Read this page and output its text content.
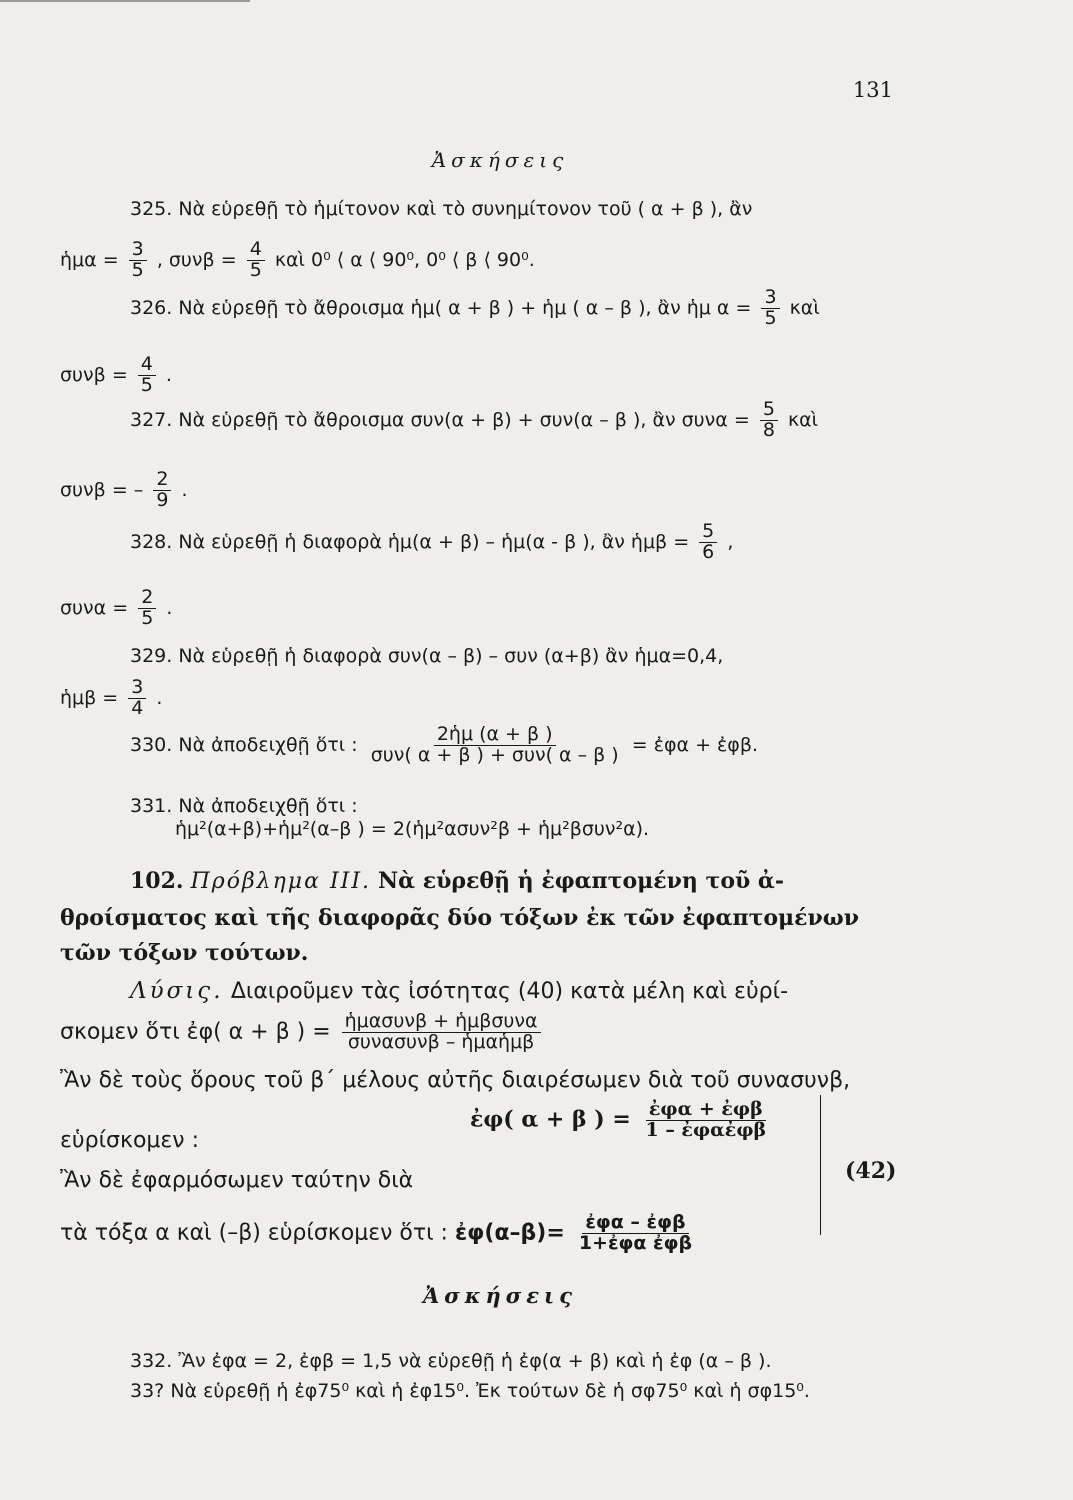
131

Ἀσκήσεις
325. Νὰ εὑρεθῇ τὸ ἡμίτονον καὶ τὸ συνημίτονον τοῦ ( α + β ), ἂν
ἡμα = $\frac{3}{5}$ , $\sigma\upsilon\nu\beta = \frac{4}{5}$ καὶ 0⁰ ⟨ α ⟨ 90⁰, 0⁰ ⟨ β ⟨ 90⁰.
326. Νὰ εὑρεθῇ τὸ ἄθροισμα ἡμ( α + β ) + ἡμ ( α – β ), ἂν ἡμ $\alpha = \frac{3}{5}$ καὶ
$\sigma\upsilon\nu\beta = \frac{4}{5}$ .
327. Νὰ εὑρεθῇ τὸ ἄθροισμα συν(α + β) + συν(α – β ), ἂν $\sigma\upsilon\nu\alpha = \frac{5}{8}$ καὶ
συνβ = – $\frac{2}{9}$ .
328. Νὰ εὑρεθῇ ἡ διαφορὰ ἡμ(α + β) – ἡμ(α - β ), ἂν ἡμβ = $\frac{5}{6}$ ,
$\sigma\upsilon\nu\alpha = \frac{2}{5}$ .
329. Νὰ εὑρεθῇ ἡ διαφορὰ συν(α – β) – συν (α+β) ἂν ἡμα=0,4,
ἡμβ = $\frac{3}{4}$ .
330. Νὰ ἀποδειχθῇ ὅτι : $\frac{\text{2ἡμ (α + β )}}{\text{συν( α + β ) + συν( α – β )}}$ = ἐφα + ἐφβ.
331. Νὰ ἀποδειχθῇ ὅτι :
ἡμ²(α+β)+ἡμ²(α–β ) = 2(ἡμ²ασυν²β + ἡμ²βσυν²α).
102. Πρόβλημα III. Νὰ εὑρεθῇ ἡ ἐφαπτομένη τοῦ ἀ-
θροίσματος καὶ τῆς διαφορᾶς δύο τόξων ἐκ τῶν ἐφαπτομένων
τῶν τόξων τούτων.
Λύσις. Διαιροῦμεν τὰς ἰσότητας (40) κατὰ μέλη καὶ εὑρί-
σκομεν ὅτι ἐφ( α + β ) = $\frac{\text{ἡμασυνβ + ἡμβσυνα}}{\text{συνασυνβ – ἡμαἡμβ}}$
Ἂν δὲ τοὺς ὅρους τοῦ β΄ μέλους αὐτῆς διαιρέσωμεν διὰ τοῦ συνασυνβ,
εὑρίσκομεν :
ἐφ( α + β ) = $\frac{\text{ἐφα + ἐφβ}}{\text{1 – ἐφαἐφβ}}$
Ἂν δὲ ἐφαρμόσωμεν ταύτην διὰ	(42)
τὰ τόξα α καὶ (–β) εὑρίσκομεν ὅτι : ἐφ(α–β)= $\frac{\text{ἐφα – ἐφβ}}{\text{1+ἐφα ἐφβ}}$
Ἀσκήσεις
332. Ἂν ἐφα = 2, ἐφβ = 1,5 νὰ εὑρεθῇ ἡ ἐφ(α + β) καὶ ἡ ἐφ (α – β ).
33? Νὰ εὑρεθῇ ἡ ἐφ75⁰ καὶ ἡ ἐφ15⁰. Ἐκ τούτων δὲ ἡ σφ75⁰ καὶ ἡ σφ15⁰.
